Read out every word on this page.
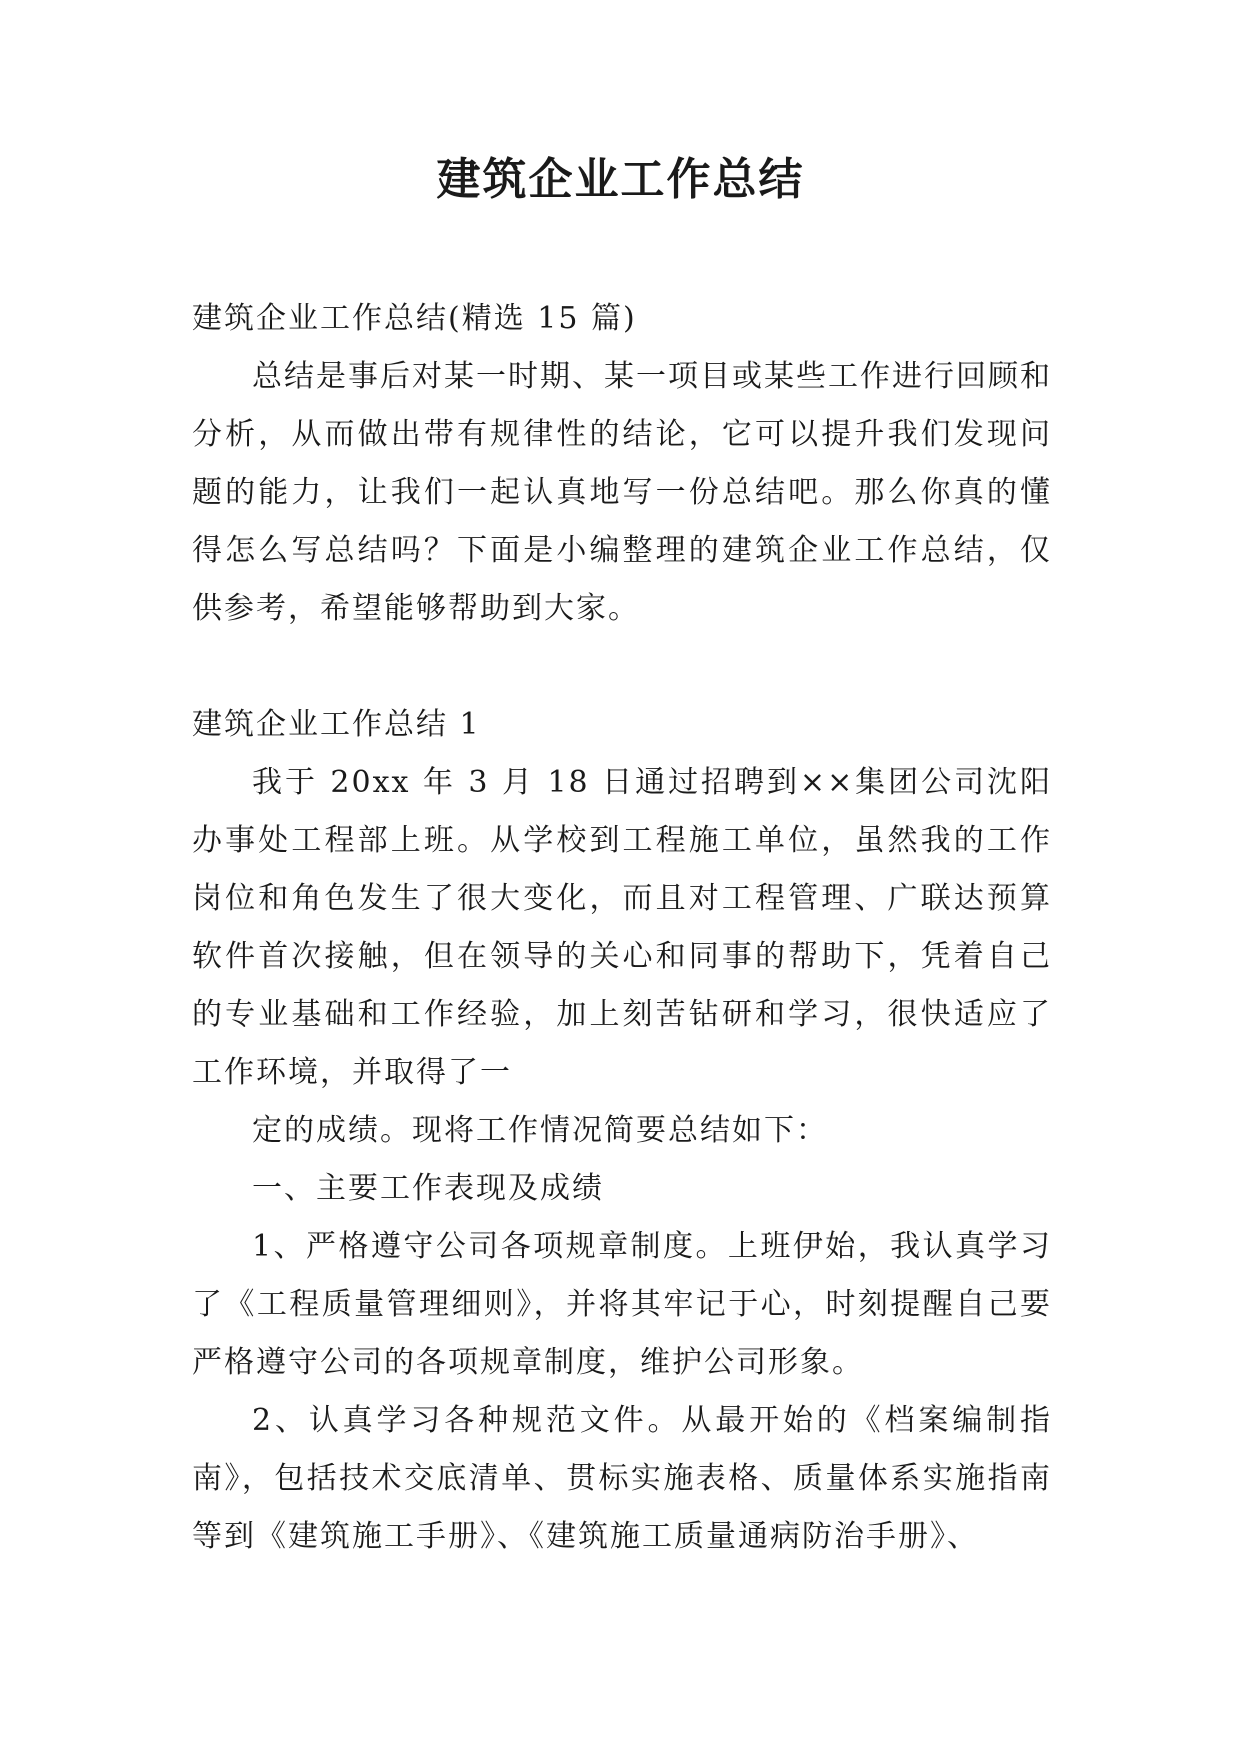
建筑企业工作总结

建筑企业工作总结(精选 15 篇)

总结是事后对某一时期、某一项目或某些工作进行回顾和分析，从而做出带有规律性的结论，它可以提升我们发现问题的能力，让我们一起认真地写一份总结吧。那么你真的懂得怎么写总结吗？下面是小编整理的建筑企业工作总结，仅供参考，希望能够帮助到大家。

建筑企业工作总结 1

我于 20xx 年 3 月 18 日通过招聘到××集团公司沈阳办事处工程部上班。从学校到工程施工单位，虽然我的工作岗位和角色发生了很大变化，而且对工程管理、广联达预算软件首次接触，但在领导的关心和同事的帮助下，凭着自己的专业基础和工作经验，加上刻苦钻研和学习，很快适应了工作环境，并取得了一

定的成绩。现将工作情况简要总结如下：

一、主要工作表现及成绩

1、严格遵守公司各项规章制度。上班伊始，我认真学习了《工程质量管理细则》，并将其牢记于心，时刻提醒自己要严格遵守公司的各项规章制度，维护公司形象。

2、认真学习各种规范文件。从最开始的《档案编制指南》，包括技术交底清单、贯标实施表格、质量体系实施指南等到《建筑施工手册》、《建筑施工质量通病防治手册》、
